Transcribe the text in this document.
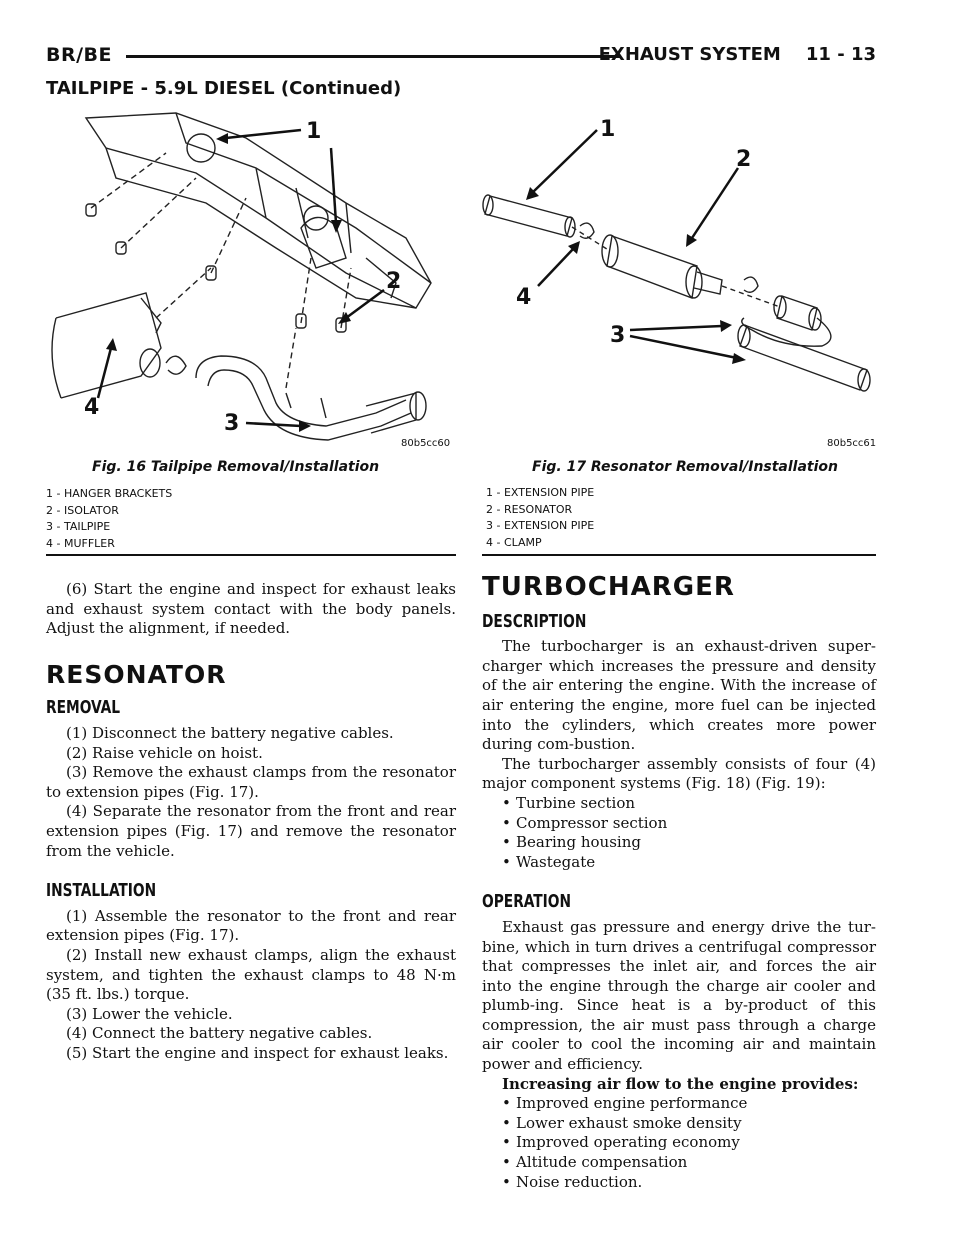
BR/BE	EXHAUST SYSTEM    11 - 13
TAILPIPE - 5.9L DIESEL (Continued)
1
2
3
4
80b5cc60
Fig. 16 Tailpipe Removal/Installation
1 - HANGER BRACKETS
2 - ISOLATOR
3 - TAILPIPE
4 - MUFFLER
1
2
3
4
80b5cc61
Fig. 17 Resonator Removal/Installation
1 - EXTENSION PIPE
2 - RESONATOR
3 - EXTENSION PIPE
4 - CLAMP

(6) Start the engine and inspect for exhaust leaks and exhaust system contact with the body panels. Adjust the alignment, if needed.

RESONATOR
REMOVAL

(1) Disconnect the battery negative cables.

(2) Raise vehicle on hoist.

(3) Remove the exhaust clamps from the resonator to extension pipes (Fig. 17).

(4) Separate the resonator from the front and rear extension pipes (Fig. 17) and remove the resonator from the vehicle.

INSTALLATION

(1) Assemble the resonator to the front and rear extension pipes (Fig. 17).

(2) Install new exhaust clamps, align the exhaust system, and tighten the exhaust clamps to 48 N·m (35 ft. lbs.) torque.

(3) Lower the vehicle.

(4) Connect the battery negative cables.

(5) Start the engine and inspect for exhaust leaks.

TURBOCHARGER
DESCRIPTION

The turbocharger is an exhaust-driven super-charger which increases the pressure and density of the air entering the engine. With the increase of air entering the engine, more fuel can be injected into the cylinders, which creates more power during com-bustion.

The turbocharger assembly consists of four (4) major component systems (Fig. 18) (Fig. 19):

• Turbine section
• Compressor section
• Bearing housing
• Wastegate
OPERATION

Exhaust gas pressure and energy drive the tur-bine, which in turn drives a centrifugal compressor that compresses the inlet air, and forces the air into the engine through the charge air cooler and plumb-ing. Since heat is a by-product of this compression, the air must pass through a charge air cooler to cool the incoming air and maintain power and efficiency.

Increasing air flow to the engine provides:

• Improved engine performance
• Lower exhaust smoke density
• Improved operating economy
• Altitude compensation
• Noise reduction.
